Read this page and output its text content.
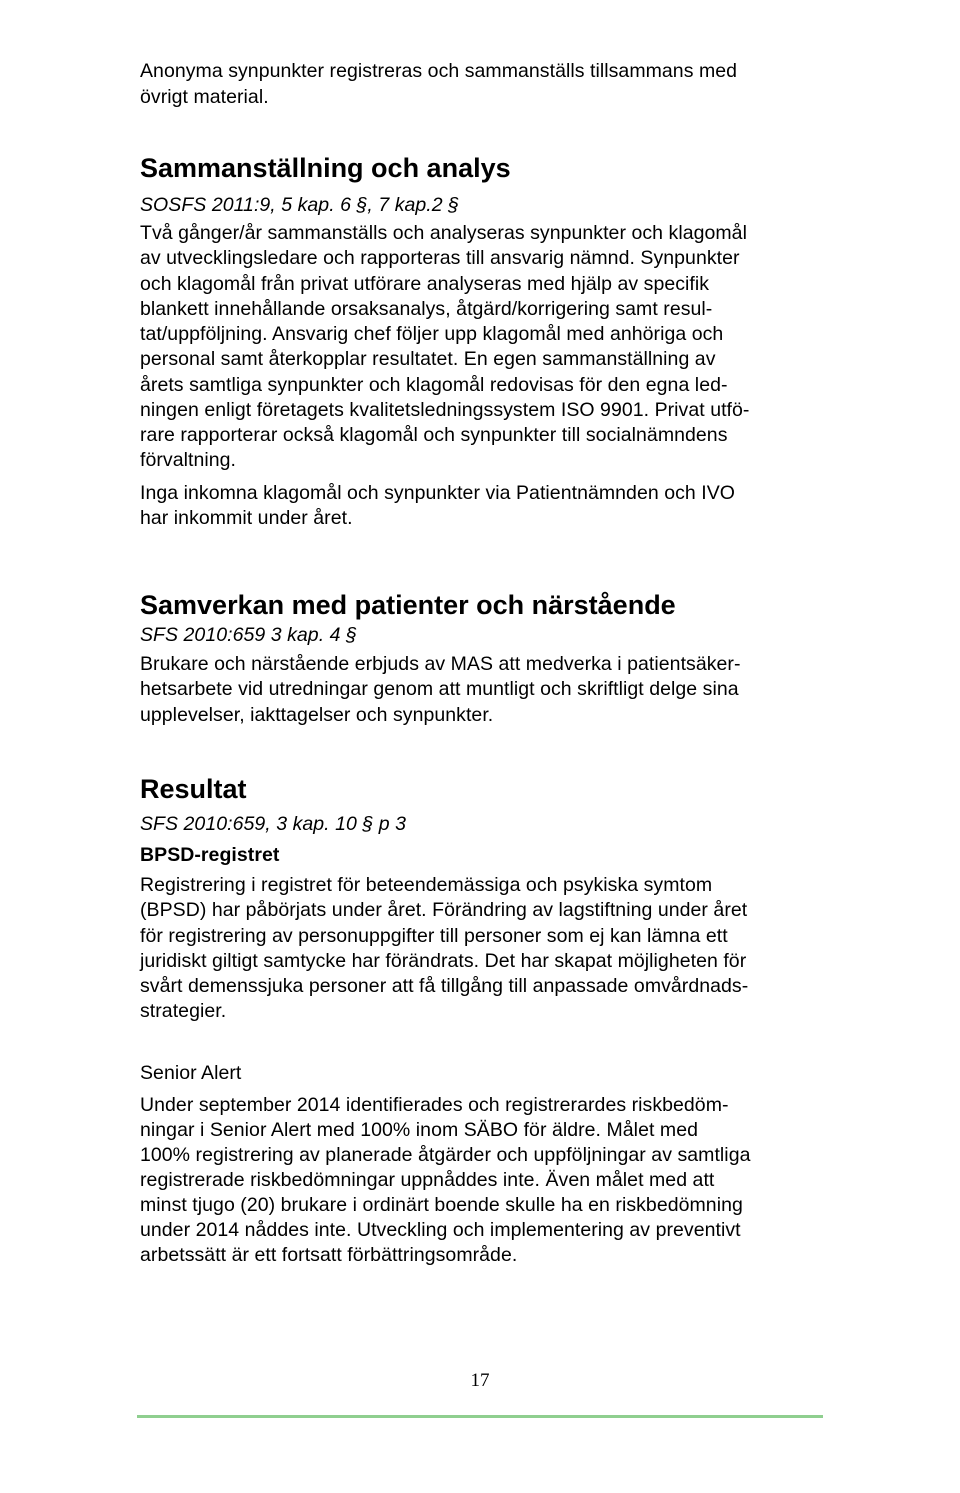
Anonyma synpunkter registreras och sammanställs tillsammans med
övrigt material.
Sammanställning och analys
SOSFS 2011:9, 5 kap. 6 §, 7 kap.2 §
Två gånger/år sammanställs och analyseras synpunkter och klagomål
av utvecklingsledare och rapporteras till ansvarig nämnd. Synpunkter
och klagomål från privat utförare analyseras med hjälp av specifik
blankett innehållande orsaksanalys, åtgärd/korrigering samt resul-
tat/uppföljning. Ansvarig chef följer upp klagomål med anhöriga och
personal samt återkopplar resultatet. En egen sammanställning av
årets samtliga synpunkter och klagomål redovisas för den egna led-
ningen enligt företagets kvalitetsledningssystem ISO 9901. Privat utfö-
rare rapporterar också klagomål och synpunkter till socialnämndens
förvaltning.
Inga inkomna klagomål och synpunkter via Patientnämnden och IVO
har inkommit under året.
Samverkan med patienter och närstående
SFS 2010:659 3 kap. 4 §
Brukare och närstående erbjuds av MAS att medverka i patientsäker-
hetsarbete vid utredningar genom att muntligt och skriftligt delge sina
upplevelser, iakttagelser och synpunkter.
Resultat
SFS 2010:659, 3 kap. 10 § p 3
BPSD-registret
Registrering i registret för beteendemässiga och psykiska symtom
(BPSD) har påbörjats under året. Förändring av lagstiftning under året
för registrering av personuppgifter till personer som ej kan lämna ett
juridiskt giltigt samtycke har förändrats. Det har skapat möjligheten för
svårt demenssjuka personer att få tillgång till anpassade omvårdnads-
strategier.
Senior Alert
Under september 2014 identifierades och registrerardes riskbedöm-
ningar i Senior Alert med 100% inom SÄBO för äldre. Målet med
100% registrering av planerade åtgärder och uppföljningar av samtliga
registrerade riskbedömningar uppnåddes inte. Även målet med att
minst tjugo (20) brukare i ordinärt boende skulle ha en riskbedömning
under 2014 nåddes inte. Utveckling och implementering av preventivt
arbetssätt är ett fortsatt förbättringsområde.
17
